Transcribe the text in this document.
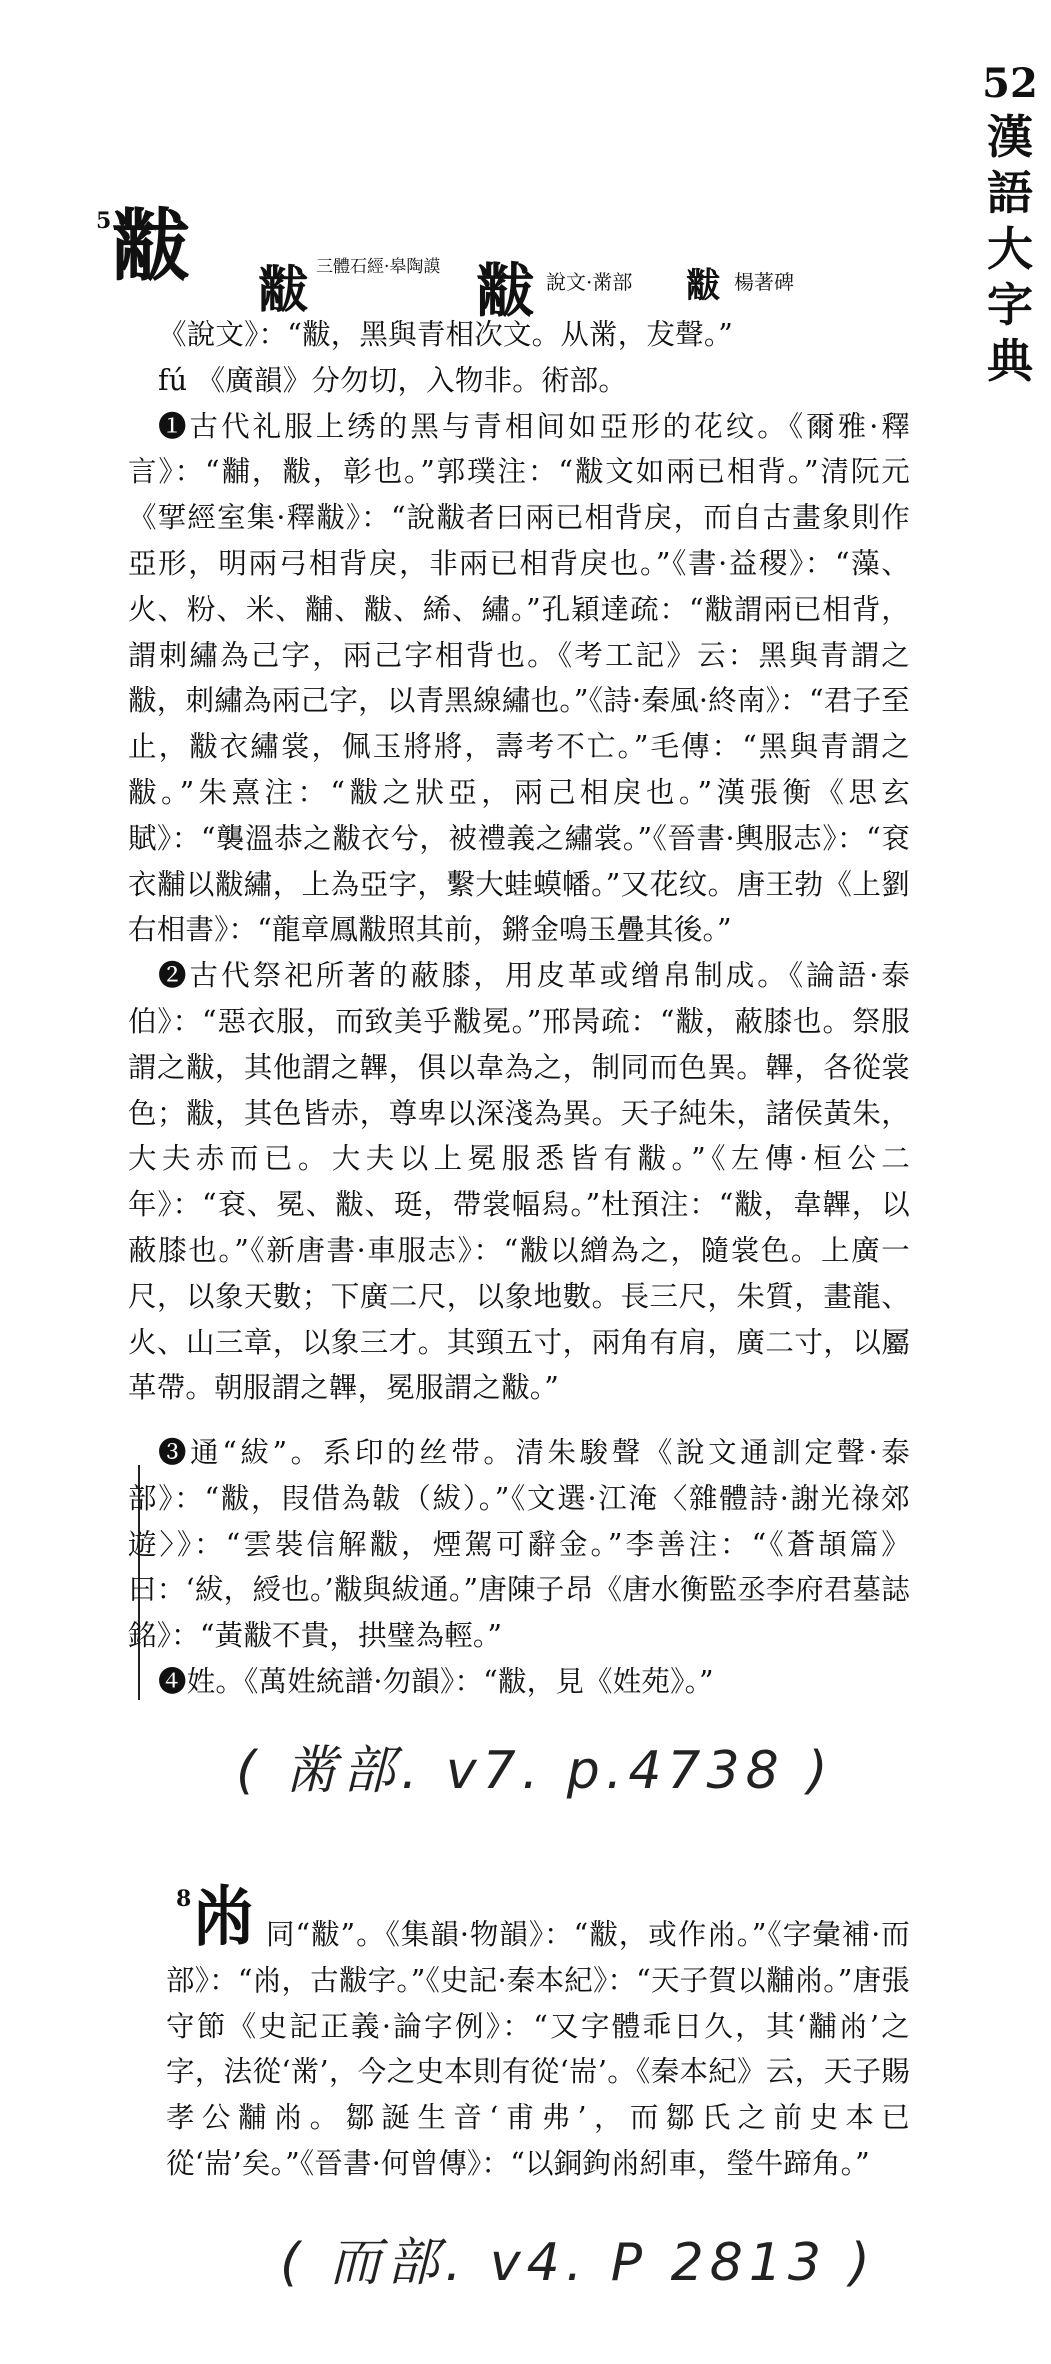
52
漢語大字典
5黻 黻 三體石經·皋陶謨 黻 說文·黹部 黻 楊著碑

《說文》：“黻，黑與青相次文。从黹，犮聲。”

fú 《廣韻》分勿切，入物非。術部。

❶古代礼服上绣的黑与青相间如亞形的花纹。《爾雅·釋言》：“黼，黻，彰也。”郭璞注：“黻文如兩已相背。”清阮元《揅經室集·釋黻》：“說黻者曰兩已相背戾，而自古畫象則作亞形，明兩弓相背戾，非兩已相背戾也。”《書·益稷》：“藻、火、粉、米、黼、黻、絺、繡。”孔穎達疏：“黻謂兩已相背，謂刺繡為己字，兩己字相背也。《考工記》云：黑與青謂之黻，刺繡為兩己字，以青黑線繡也。”《詩·秦風·終南》：“君子至止，黻衣繡裳，佩玉將將，壽考不亡。”毛傳：“黑與青謂之黻。”朱熹注：“黻之狀亞，兩己相戾也。”漢張衡《思玄賦》：“襲溫恭之黻衣兮，被禮義之繡裳。”《晉書·輿服志》：“袞衣黼以黻繡，上為亞字，繫大蛙蟆幡。”又花纹。唐王勃《上劉右相書》：“龍章鳳黻照其前，鏘金鳴玉疊其後。”

❷古代祭祀所著的蔽膝，用皮革或缯帛制成。《論語·泰伯》：“惡衣服，而致美乎黻冕。”邢昺疏：“黻，蔽膝也。祭服謂之黻，其他謂之韠，俱以韋為之，制同而色異。韠，各從裳色；黻，其色皆赤，尊卑以深淺為異。天子純朱，諸侯黃朱，大夫赤而已。大夫以上冕服悉皆有黻。”《左傳·桓公二年》：“袞、冕、黻、珽，帶裳幅舄。”杜預注：“黻，韋韠，以蔽膝也。”《新唐書·車服志》：“黻以繒為之，隨裳色。上廣一尺，以象天數；下廣二尺，以象地數。長三尺，朱質，畫龍、火、山三章，以象三才。其頸五寸，兩角有肩，廣二寸，以屬革帶。朝服謂之韠，冕服謂之黻。”

❸通“紱”。系印的丝带。清朱駿聲《說文通訓定聲·泰部》：“黻，叚借為韍（紱）。”《文選·江淹〈雜體詩·謝光祿郊遊〉》：“雲裝信解黻，煙駕可辭金。”李善注：“《蒼頡篇》曰：‘紱，綬也。’黻與紱通。”唐陳子昂《唐水衡監丞李府君墓誌銘》：“黃黻不貴，拱璧為輕。”

❹姓。《萬姓統譜·勿韻》：“黻，見《姓苑》。”

( 黹部. v7. p.4738 )
8㡀 同“黻”。《集韻·物韻》：“黻，或作㡀。”《字彙補·而部》：“㡀，古黻字。”《史記·秦本紀》：“天子賀以黼㡀。”唐張守節《史記正義·論字例》：“又字體乖日久，其‘黼㡀’之字，法從‘黹’，今之史本則有從‘耑’。《秦本紀》云，天子賜孝公黼㡀。鄒誕生音‘甫弗’，而鄒氏之前史本已從‘耑’矣。”《晉書·何曾傳》：“以銅鉤㡀紖車，瑩牛蹄角。”

( 而部. v4. P 2813 )
